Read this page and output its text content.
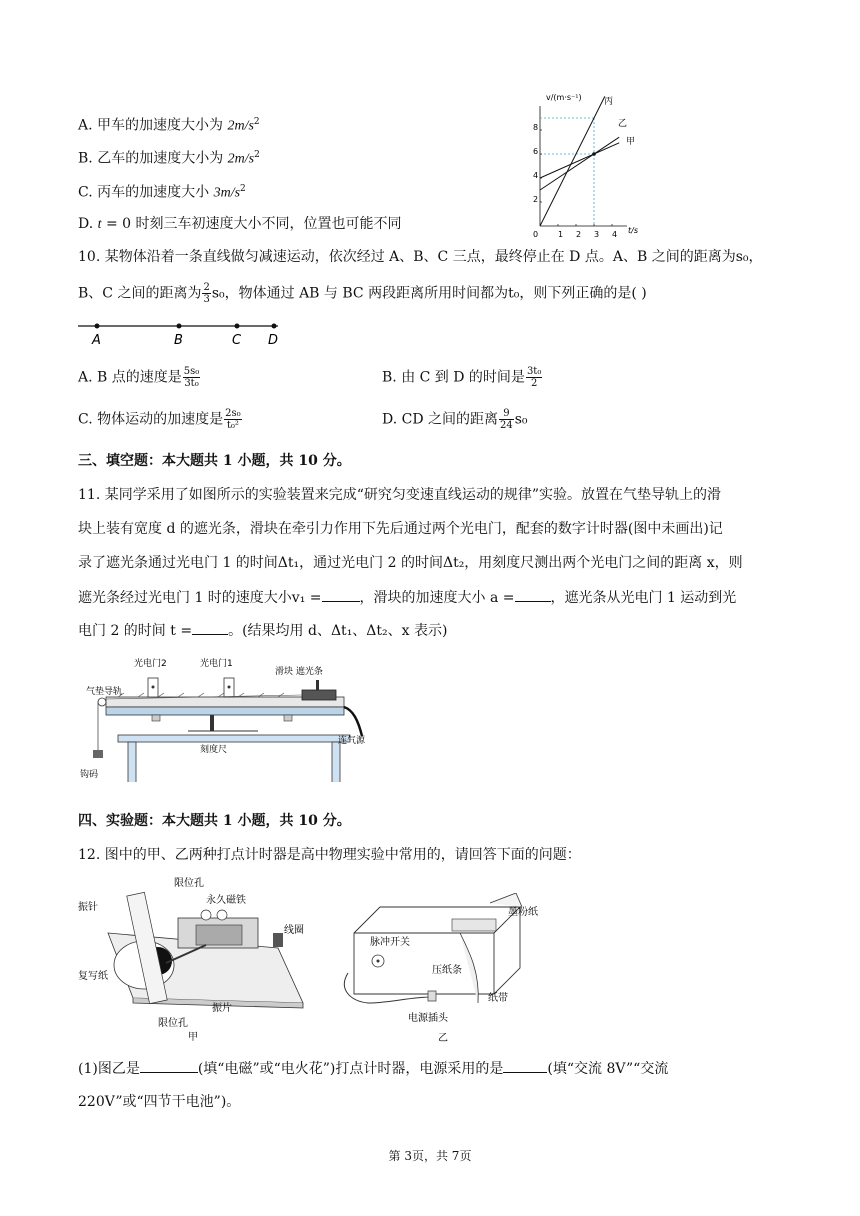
A. 甲车的加速度大小为 $2m/s^2$
B. 乙车的加速度大小为 $2m/s^2$
C. 丙车的加速度大小 $3m/s^2$
D. t = 0 时刻三车初速度大小不同，位置也可能不同
v/(m·s⁻¹)
t/s
0
8
6
4
2
1 2 3 4
丙
乙
甲
10. 某物体沿着一条直线做匀减速运动，依次经过 A、B、C 三点，最终停止在 D 点。A、B 之间的距离为s₀，
B、C 之间的距离为 $\frac{2}{3} s_0$，物体通过 AB 与 BC 两段距离所用时间都为t₀，则下列正确的是( )
A	B	C D
A. B 点的速度是 $\frac{\text{5s₀}}{\text{3t₀}}$	B. 由 C 到 D 的时间是 $\frac{\text{3t₀}}{2}$
C. 物体运动的加速度是 $\frac{\text{2s₀}}{\text{t₀²}}$	D. CD 之间的距离 $\frac{9}{24} s_0$
三、填空题：本大题共 1 小题，共 10 分。
11. 某同学采用了如图所示的实验装置来完成“研究匀变速直线运动的规律”实验。放置在气垫导轨上的滑
块上装有宽度 d 的遮光条，滑块在牵引力作用下先后通过两个光电门，配套的数字计时器(图中未画出)记
录了遮光条通过光电门 1 的时间Δt₁，通过光电门 2 的时间Δt₂，用刻度尺测出两个光电门之间的距离 x，则
遮光条经过光电门 1 时的速度大小v₁ =	，滑块的加速度大小 a =	，遮光条从光电门 1 运动到光
电门 2 的时间 t =	。(结果均用 d、Δt₁、Δt₂、x 表示)
光电门2	光电门1
滑块 遮光条
气垫导轨
连气源
刻度尺
钩码
四、实验题：本大题共 1 小题，共 10 分。
12. 图中的甲、乙两种打点计时器是高中物理实验中常用的，请回答下面的问题：
限位孔
永久磁铁
振针
线圈
复写纸
限位孔
振片
甲
墨粉纸
脉冲开关
压纸条
纸带
电源插头
乙
(1)图乙是	(填“电磁”或“电火花”)打点计时器，电源采用的是	(填“交流 8V”“交流
220V”或“四节干电池”)。
第 3页，共 7页
